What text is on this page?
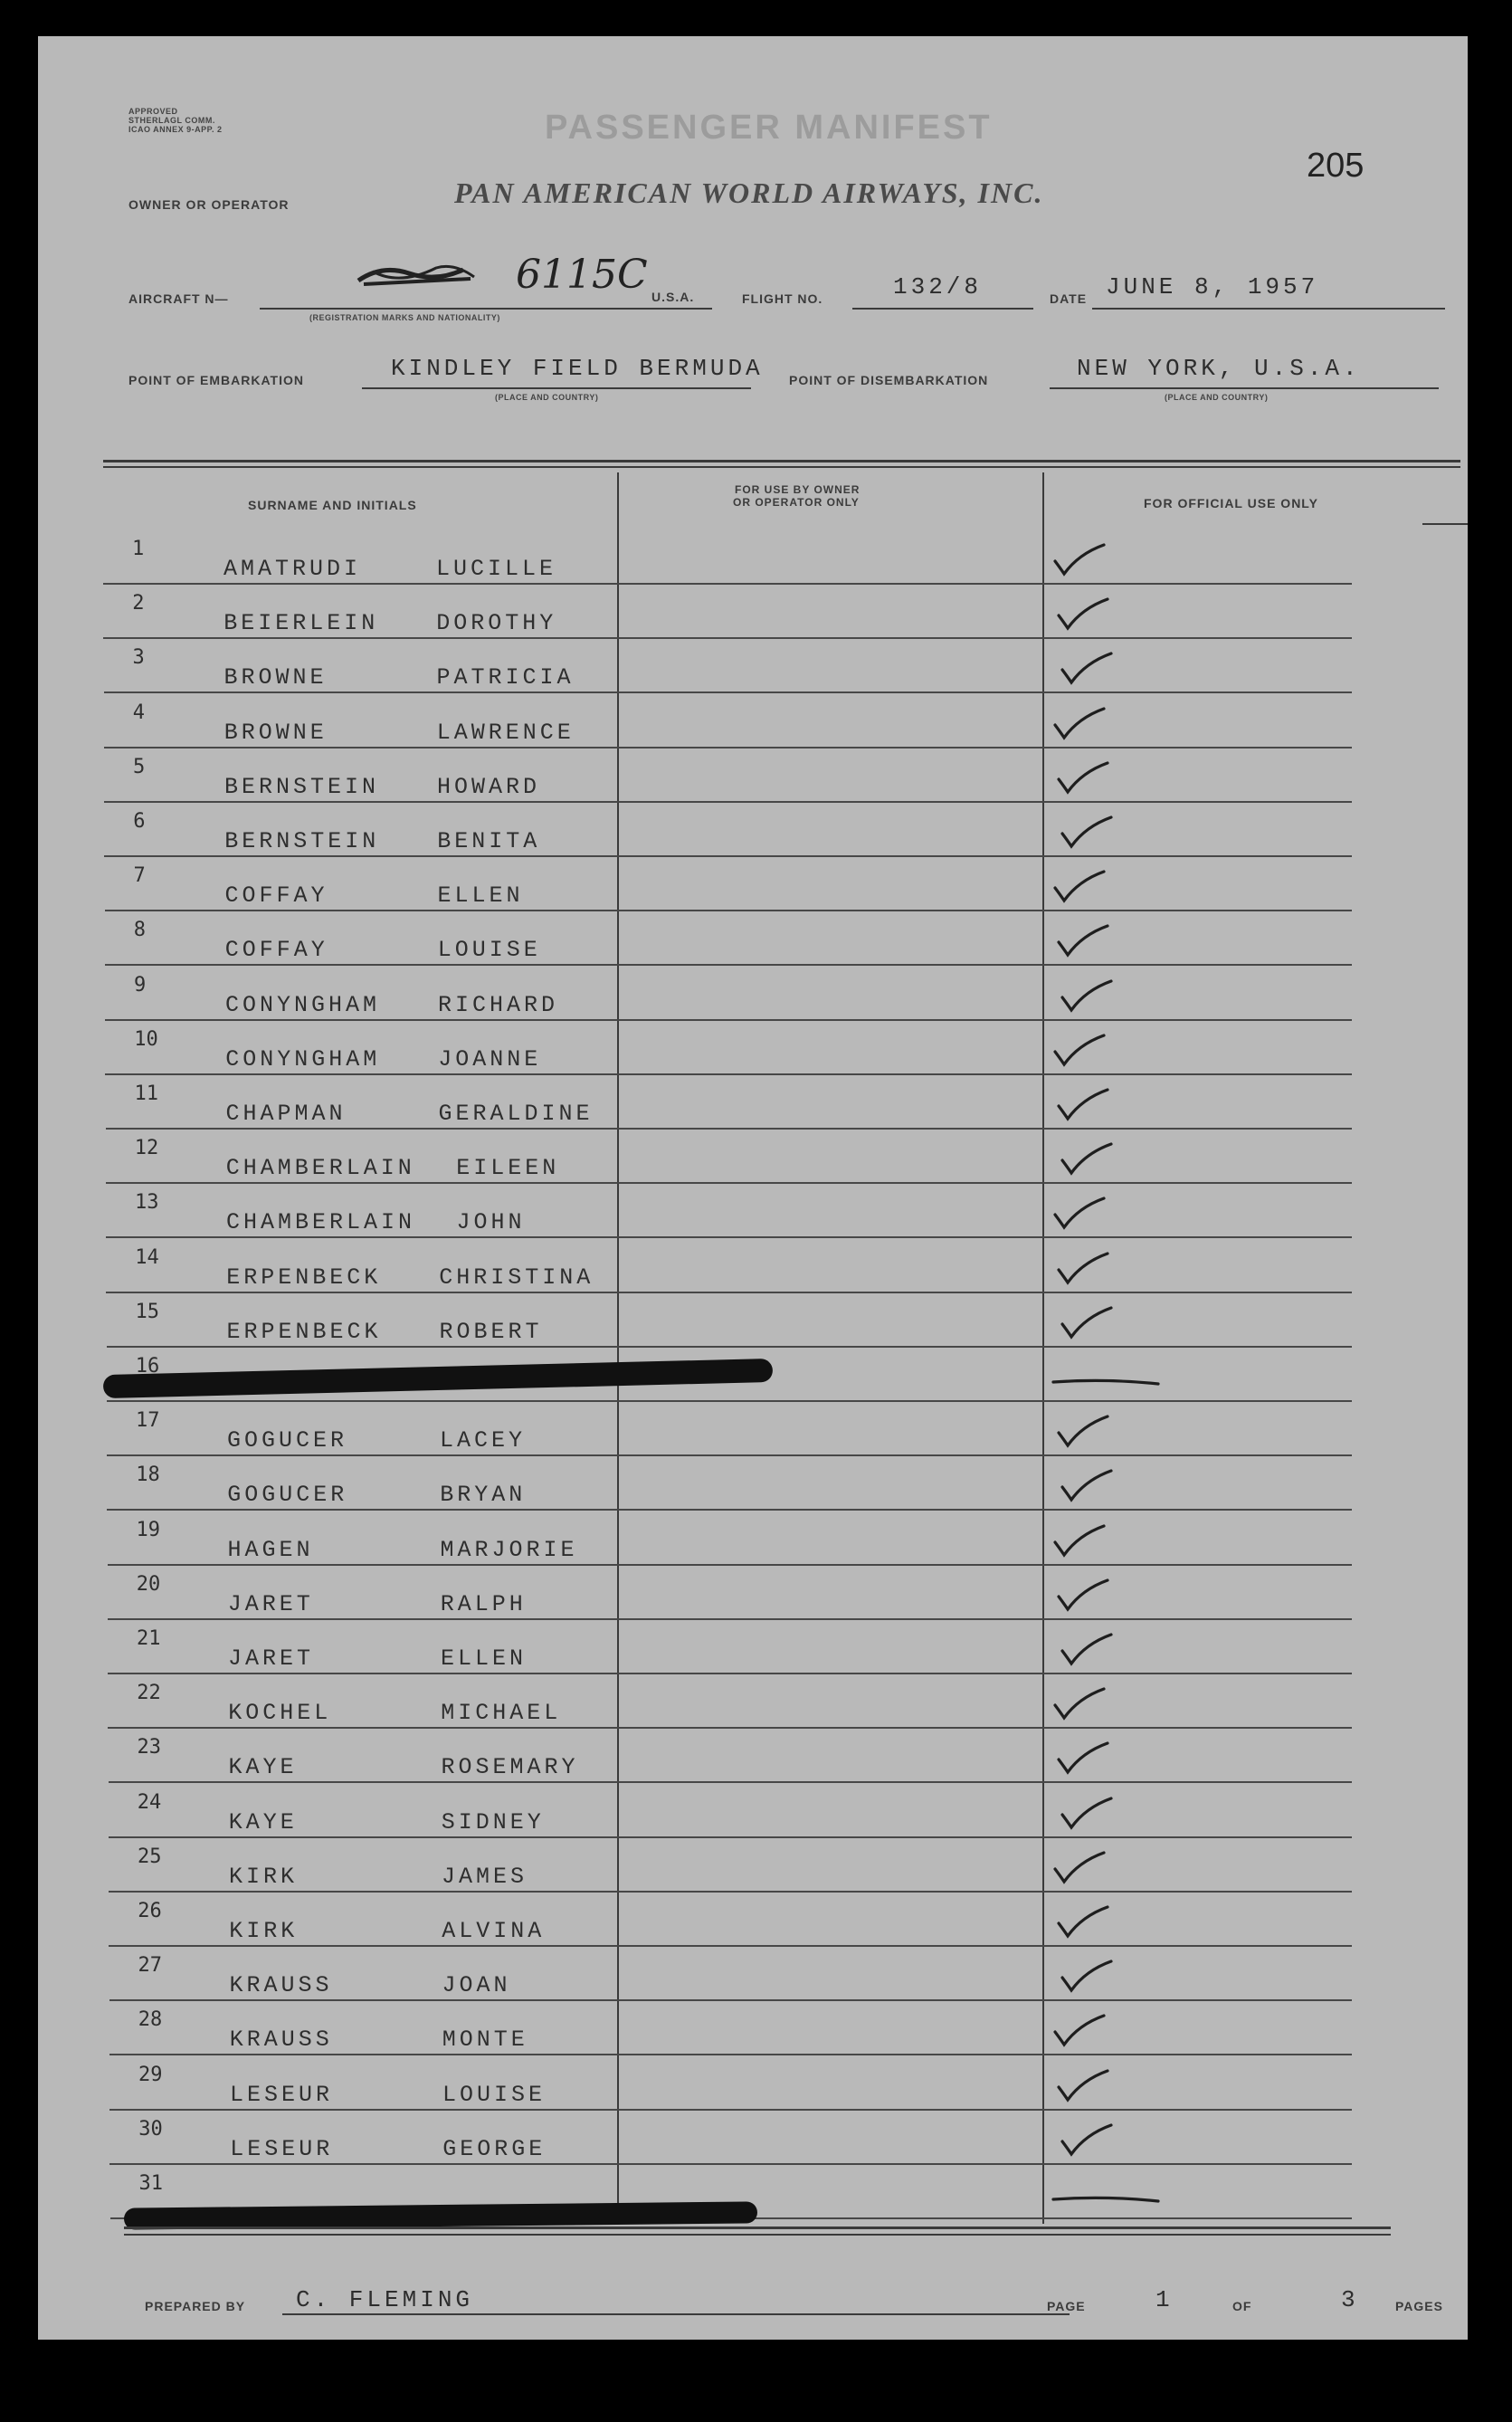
APPROVED
STHERLAGL COMM.
ICAO ANNEX 9-APP. 2	PASSENGER MANIFEST
205
OWNER OR OPERATOR	PAN AMERICAN WORLD AIRWAYS, INC.
AIRCRAFT N—
6115C U.S.A.
(REGISTRATION MARKS AND NATIONALITY)
FLIGHT NO.	132/8	DATE JUNE 8, 1957
POINT OF EMBARKATION	KINDLEY FIELD BERMUDA
(PLACE AND COUNTRY)
POINT OF DISEMBARKATION	NEW YORK, U.S.A.
(PLACE AND COUNTRY)
SURNAME AND INITIALS
FOR USE BY OWNER
OR OPERATOR ONLY	FOR OFFICIAL USE ONLY
1
AMATRUDI	LUCILLE
2
BEIERLEIN	DOROTHY
3
BROWNE	PATRICIA
4
BROWNE	LAWRENCE
5
BERNSTEIN	HOWARD
6
BERNSTEIN	BENITA
7
COFFAY	ELLEN
8
COFFAY	LOUISE
9
CONYNGHAM	RICHARD
10
CONYNGHAM	JOANNE
11
CHAPMAN	GERALDINE
12
CHAMBERLAIN EILEEN
13
CHAMBERLAIN JOHN
14
ERPENBECK	CHRISTINA
15
ERPENBECK	ROBERT
16
17
GOGUCER	LACEY
18
GOGUCER	BRYAN
19
HAGEN	MARJORIE
20
JARET	RALPH
21
JARET	ELLEN
22
KOCHEL	MICHAEL
23
KAYE	ROSEMARY
24
KAYE	SIDNEY
25
KIRK	JAMES
26
KIRK	ALVINA
27
KRAUSS	JOAN
28
KRAUSS	MONTE
29
LESEUR	LOUISE
30
LESEUR	GEORGE
31
PREPARED BY C. FLEMING	PAGE	1	OF	3	PAGES
